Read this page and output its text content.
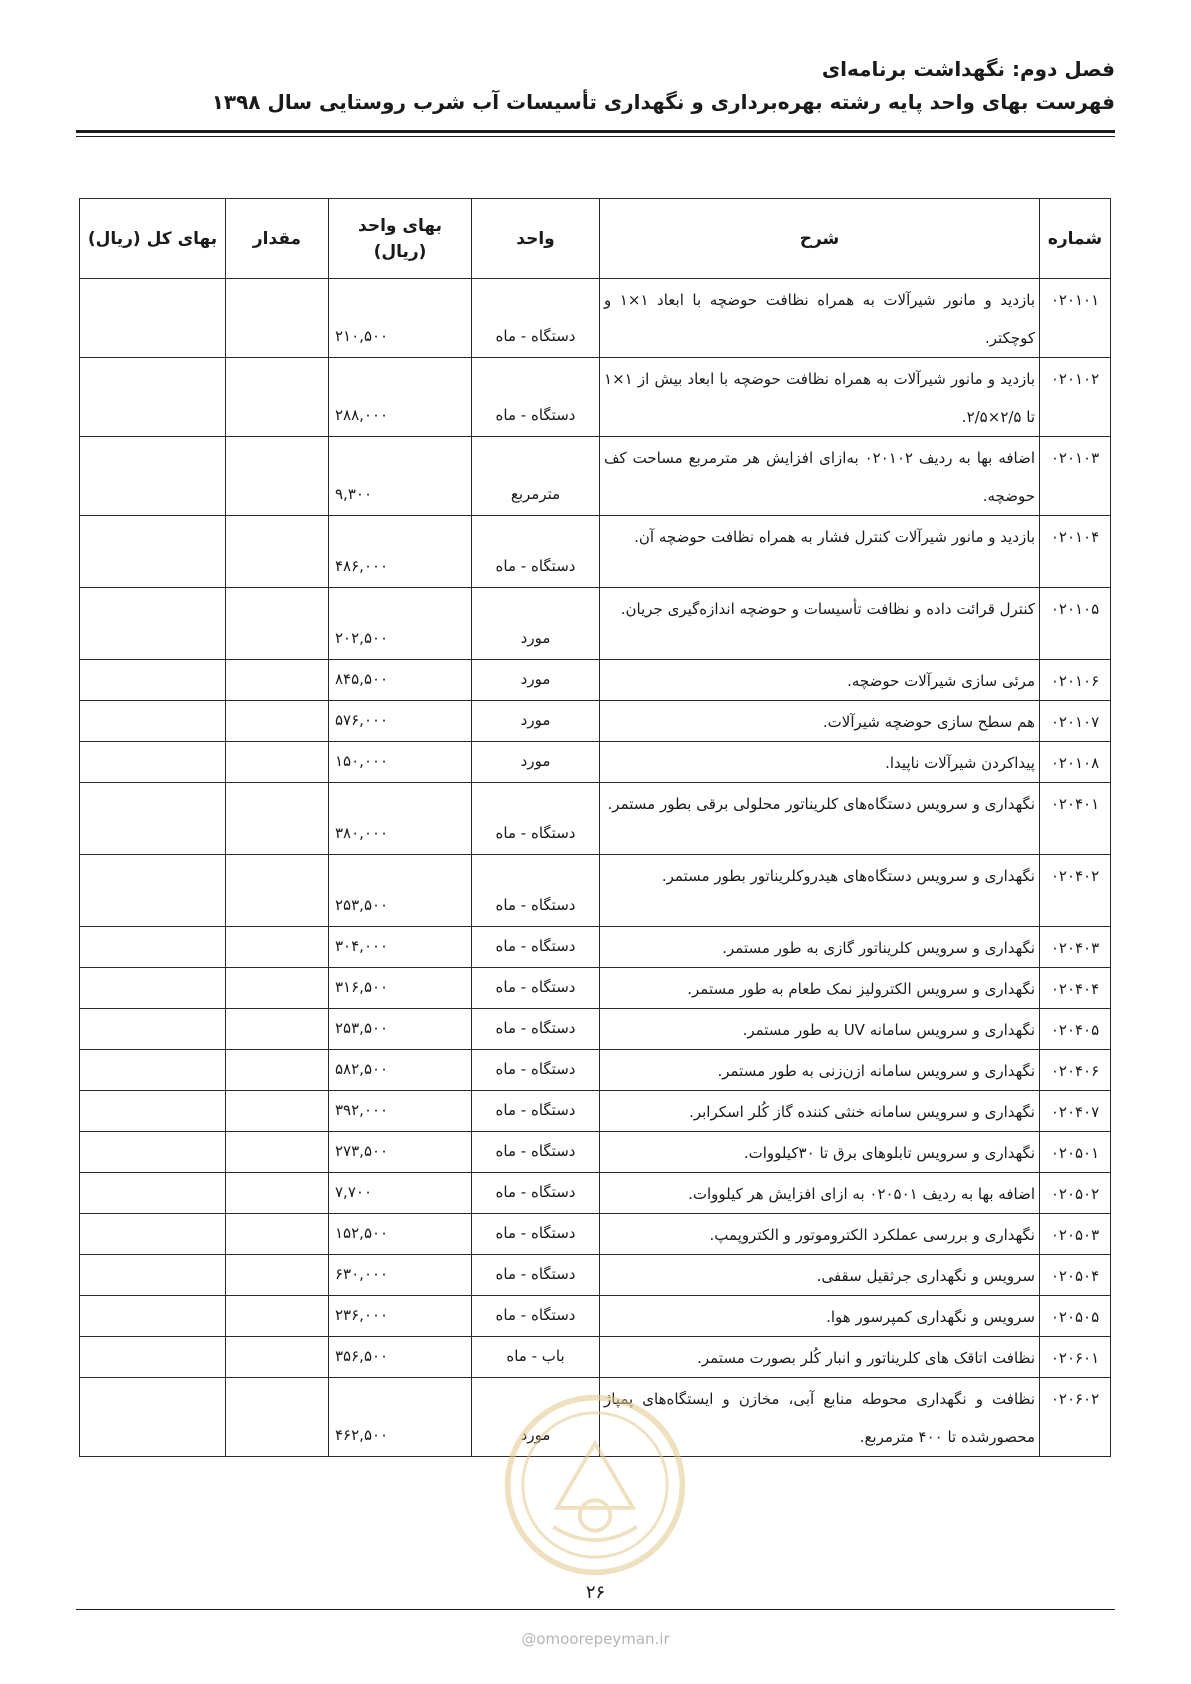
فصل دوم: نگهداشت برنامه‌ای
فهرست بهای واحد پایه رشته بهره‌برداری و نگهداری تأسیسات آب شرب روستایی سال ۱۳۹۸
شماره	شرح	واحد	بهای واحد (ریال)	مقدار	بهای کل (ریال)
۰۲۰۱۰۱	بازدید و مانور شیرآلات به همراه نظافت حوضچه با ابعاد ۱×۱ و کوچکتر.	دستگاه - ماه	۲۱۰,۵۰۰		
۰۲۰۱۰۲	بازدید و مانور شیرآلات به همراه نظافت حوضچه با ابعاد بیش از ۱×۱ تا ۲/۵×۲/۵.	دستگاه - ماه	۲۸۸,۰۰۰		
۰۲۰۱۰۳	اضافه بها به ردیف ۰۲۰۱۰۲ به‌ازای افزایش هر مترمربع مساحت کف حوضچه.	مترمربع	۹,۳۰۰		
۰۲۰۱۰۴	بازدید و مانور شیرآلات کنترل فشار به همراه نظافت حوضچه آن.	دستگاه - ماه	۴۸۶,۰۰۰		
۰۲۰۱۰۵	کنترل قرائت داده و نظافت تأسیسات و حوضچه اندازه‌گیری جریان.	مورد	۲۰۲,۵۰۰		
۰۲۰۱۰۶	مرئی سازی شیرآلات حوضچه.	مورد	۸۴۵,۵۰۰		
۰۲۰۱۰۷	هم سطح سازی حوضچه شیرآلات.	مورد	۵۷۶,۰۰۰		
۰۲۰۱۰۸	پیداکردن شیرآلات ناپیدا.	مورد	۱۵۰,۰۰۰		
۰۲۰۴۰۱	نگهداری و سرویس دستگاه‌های کلریناتور محلولی برقی بطور مستمر.	دستگاه - ماه	۳۸۰,۰۰۰		
۰۲۰۴۰۲	نگهداری و سرویس دستگاه‌های هیدروکلریناتور بطور مستمر.	دستگاه - ماه	۲۵۳,۵۰۰		
۰۲۰۴۰۳	نگهداری و سرویس کلریناتور گازی به طور مستمر.	دستگاه - ماه	۳۰۴,۰۰۰		
۰۲۰۴۰۴	نگهداری و سرویس الکترولیز نمک طعام به طور مستمر.	دستگاه - ماه	۳۱۶,۵۰۰		
۰۲۰۴۰۵	نگهداری و سرویس سامانه UV به طور مستمر.	دستگاه - ماه	۲۵۳,۵۰۰		
۰۲۰۴۰۶	نگهداری و سرویس سامانه ازن‌زنی به طور مستمر.	دستگاه - ماه	۵۸۲,۵۰۰		
۰۲۰۴۰۷	نگهداری و سرویس سامانه خنثی کننده گاز کُلر اسکرابر.	دستگاه - ماه	۳۹۲,۰۰۰		
۰۲۰۵۰۱	نگهداری و سرویس تابلوهای برق تا ۳۰کیلووات.	دستگاه - ماه	۲۷۳,۵۰۰		
۰۲۰۵۰۲	اضافه بها به ردیف ۰۲۰۵۰۱ به ازای افزایش هر کیلووات.	دستگاه - ماه	۷,۷۰۰		
۰۲۰۵۰۳	نگهداری و بررسی عملکرد الکتروموتور و الکتروپمپ.	دستگاه - ماه	۱۵۲,۵۰۰		
۰۲۰۵۰۴	سرویس و نگهداری جرثقیل سقفی.	دستگاه - ماه	۶۳۰,۰۰۰		
۰۲۰۵۰۵	سرویس و نگهداری کمپرسور هوا.	دستگاه - ماه	۲۳۶,۰۰۰		
۰۲۰۶۰۱	نظافت اتاقک های کلریناتور و انبار کُلر بصورت مستمر.	باب - ماه	۳۵۶,۵۰۰		
۰۲۰۶۰۲	نظافت و نگهداری محوطه منابع آبی، مخازن و ایستگاه‌های پمپاژ محصورشده تا ۴۰۰ مترمربع.	مورد	۴۶۲,۵۰۰		
۲۶
@omoorepeyman.ir
